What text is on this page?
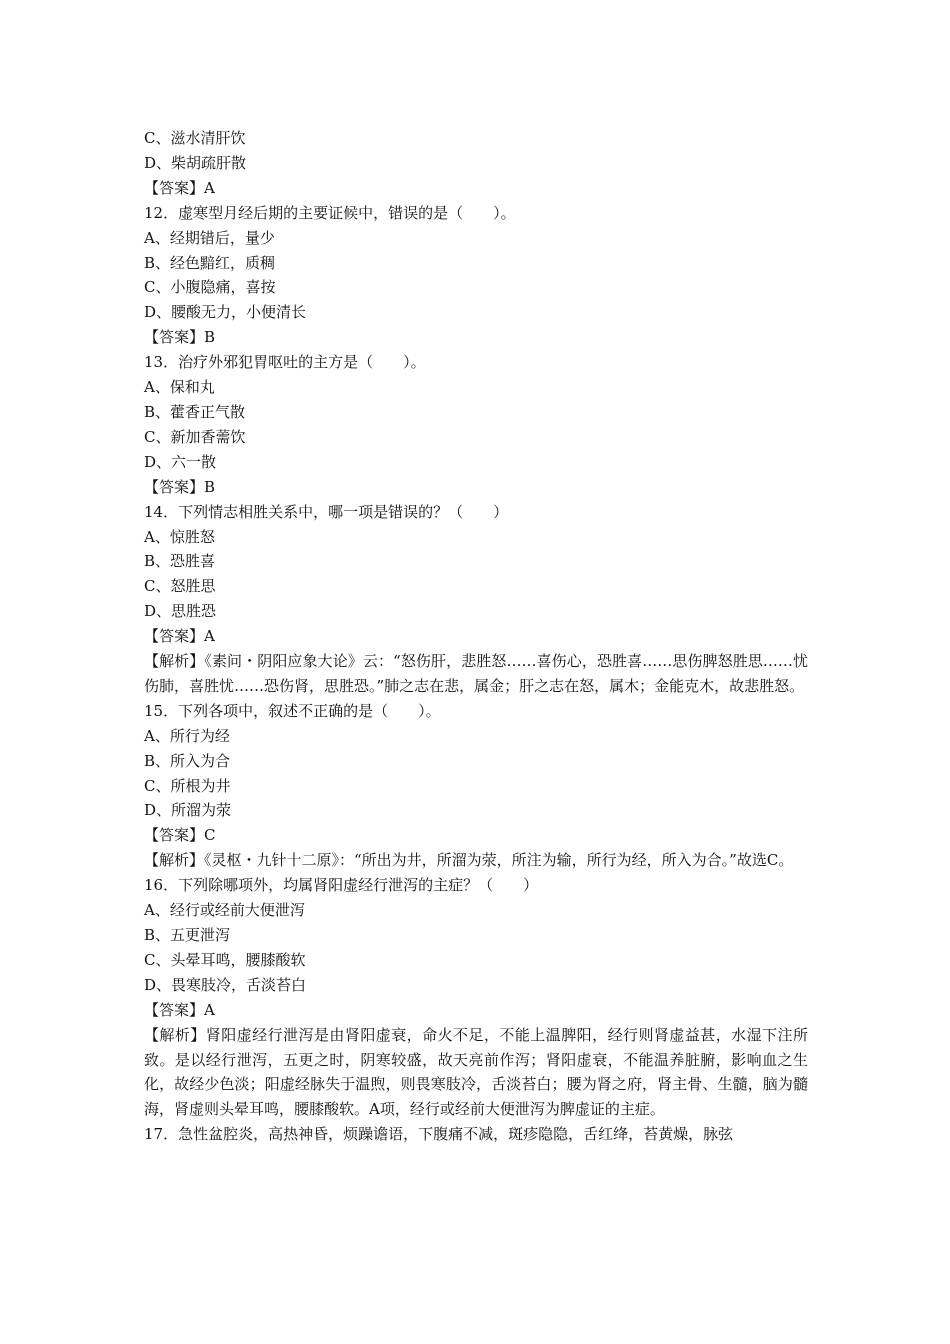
C、滋水清肝饮

D、柴胡疏肝散

【答案】A

12．虚寒型月经后期的主要证候中，错误的是（　　）。

A、经期错后，量少

B、经色黯红，质稠

C、小腹隐痛，喜按

D、腰酸无力，小便清长

【答案】B

13．治疗外邪犯胃呕吐的主方是（　　）。

A、保和丸

B、藿香正气散

C、新加香薷饮

D、六一散

【答案】B

14．下列情志相胜关系中，哪一项是错误的？（　　）

A、惊胜怒

B、恐胜喜

C、怒胜思

D、思胜恐

【答案】A

【解析】《素问・阴阳应象大论》云：“怒伤肝，悲胜怒……喜伤心，恐胜喜……思伤脾怒胜思……忧伤肺，喜胜忧……恐伤肾，思胜恐。”肺之志在悲，属金；肝之志在怒，属木；金能克木，故悲胜怒。

15．下列各项中，叙述不正确的是（　　）。

A、所行为经

B、所入为合

C、所根为井

D、所溜为荥

【答案】C

【解析】《灵枢・九针十二原》：“所出为井，所溜为荥，所注为输，所行为经，所入为合。”故选C。

16．下列除哪项外，均属肾阳虚经行泄泻的主症？（　　）

A、经行或经前大便泄泻

B、五更泄泻

C、头晕耳鸣，腰膝酸软

D、畏寒肢冷，舌淡苔白

【答案】A

【解析】肾阳虚经行泄泻是由肾阳虚衰，命火不足，不能上温脾阳，经行则肾虚益甚，水湿下注所致。是以经行泄泻，五更之时，阴寒较盛，故天亮前作泻；肾阳虚衰，不能温养脏腑，影响血之生化，故经少色淡；阳虚经脉失于温煦，则畏寒肢冷，舌淡苔白；腰为肾之府，肾主骨、生髓，脑为髓海，肾虚则头晕耳鸣，腰膝酸软。A项，经行或经前大便泄泻为脾虚证的主症。

17．急性盆腔炎，高热神昏，烦躁谵语，下腹痛不减，斑疹隐隐，舌红绛，苔黄燥，脉弦
